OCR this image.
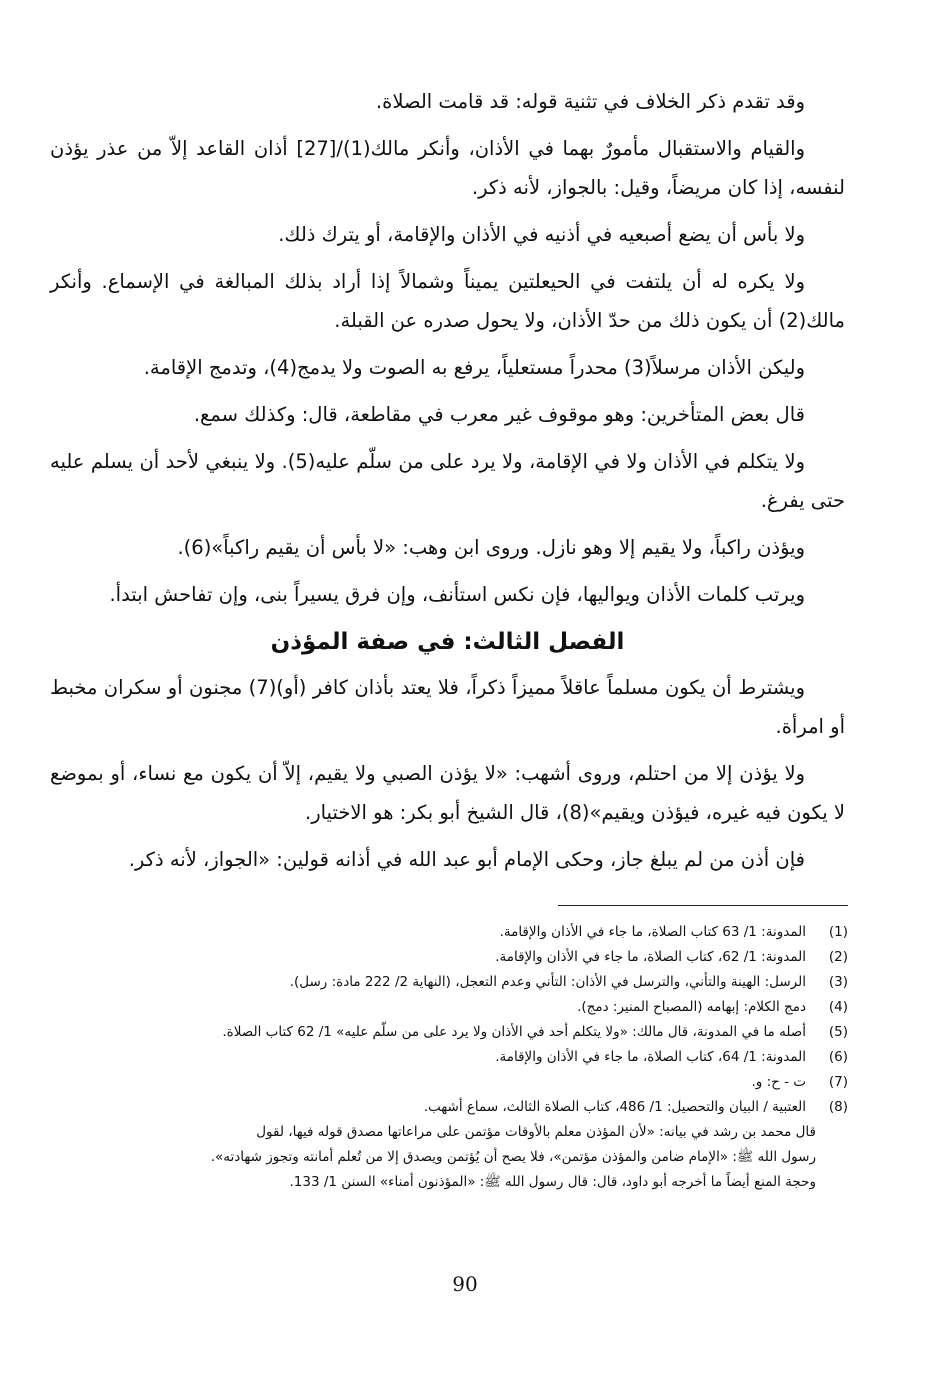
وقد تقدم ذكر الخلاف في تثنية قوله: قد قامت الصلاة.

والقيام والاستقبال مأمورٌ بهما في الأذان، وأنكر مالك(1)/[27] أذان القاعد إلاّ من عذر يؤذن لنفسه، إذا كان مريضاً، وقيل: بالجواز، لأنه ذكر.

ولا بأس أن يضع أصبعيه في أذنيه في الأذان والإقامة، أو يترك ذلك.

ولا يكره له أن يلتفت في الحيعلتين يميناً وشمالاً إذا أراد بذلك المبالغة في الإسماع. وأنكر مالك(2) أن يكون ذلك من حدّ الأذان، ولا يحول صدره عن القبلة.

وليكن الأذان مرسلاً(3) محدراً مستعلياً، يرفع به الصوت ولا يدمج(4)، وتدمج الإقامة.

قال بعض المتأخرين: وهو موقوف غير معرب في مقاطعة، قال: وكذلك سمع.

ولا يتكلم في الأذان ولا في الإقامة، ولا يرد على من سلّم عليه(5). ولا ينبغي لأحد أن يسلم عليه حتى يفرغ.

ويؤذن راكباً، ولا يقيم إلا وهو نازل. وروى ابن وهب: «لا بأس أن يقيم راكباً»(6).

ويرتب كلمات الأذان ويواليها، فإن نكس استأنف، وإن فرق يسيراً بنى، وإن تفاحش ابتدأ.

الفصل الثالث: في صفة المؤذن

ويشترط أن يكون مسلماً عاقلاً مميزاً ذكراً، فلا يعتد بأذان كافر (أو)(7) مجنون أو سكران مخبط أو امرأة.

ولا يؤذن إلا من احتلم، وروى أشهب: «لا يؤذن الصبي ولا يقيم، إلاّ أن يكون مع نساء، أو بموضع لا يكون فيه غيره، فيؤذن ويقيم»(8)، قال الشيخ أبو بكر: هو الاختيار.

فإن أذن من لم يبلغ جاز، وحكى الإمام أبو عبد الله في أذانه قولين: «الجواز، لأنه ذكر.

(1)
المدونة: 1/ 63 كتاب الصلاة، ما جاء في الأذان والإقامة.
(2)
المدونة: 1/ 62، كتاب الصلاة، ما جاء في الأذان والإقامة.
(3)
الرسل: الهينة والتأني، والترسل في الأذان: التأني وعدم التعجل، (النهاية 2/ 222 مادة: رسل).
(4)
دمج الكلام: إبهامه (المصباح المنير: دمج).
(5)
أصله ما في المدونة، قال مالك: «ولا يتكلم أحد في الأذان ولا يرد على من سلّم عليه» 1/ 62 كتاب الصلاة.
(6)
المدونة: 1/ 64، كتاب الصلاة، ما جاء في الأذان والإقامة.
(7)
ت - ح: و.
(8)
العتبية / البيان والتحصيل: 1/ 486، كتاب الصلاة الثالث، سماع أشهب.
قال محمد بن رشد في بيانه: «لأن المؤذن معلم بالأوقات مؤتمن على مراعاتها مصدق قوله فيها، لقول
رسول الله ﷺ: «الإمام ضامن والمؤذن مؤتمن»، فلا يصح أن يُؤتمن ويصدق إلا من تُعلم أمانته وتجوز شهادته».
وحجة المنع أيضاً ما أخرجه أبو داود، قال: قال رسول الله ﷺ: «المؤذنون أمناء» السنن 1/ 133.
90
